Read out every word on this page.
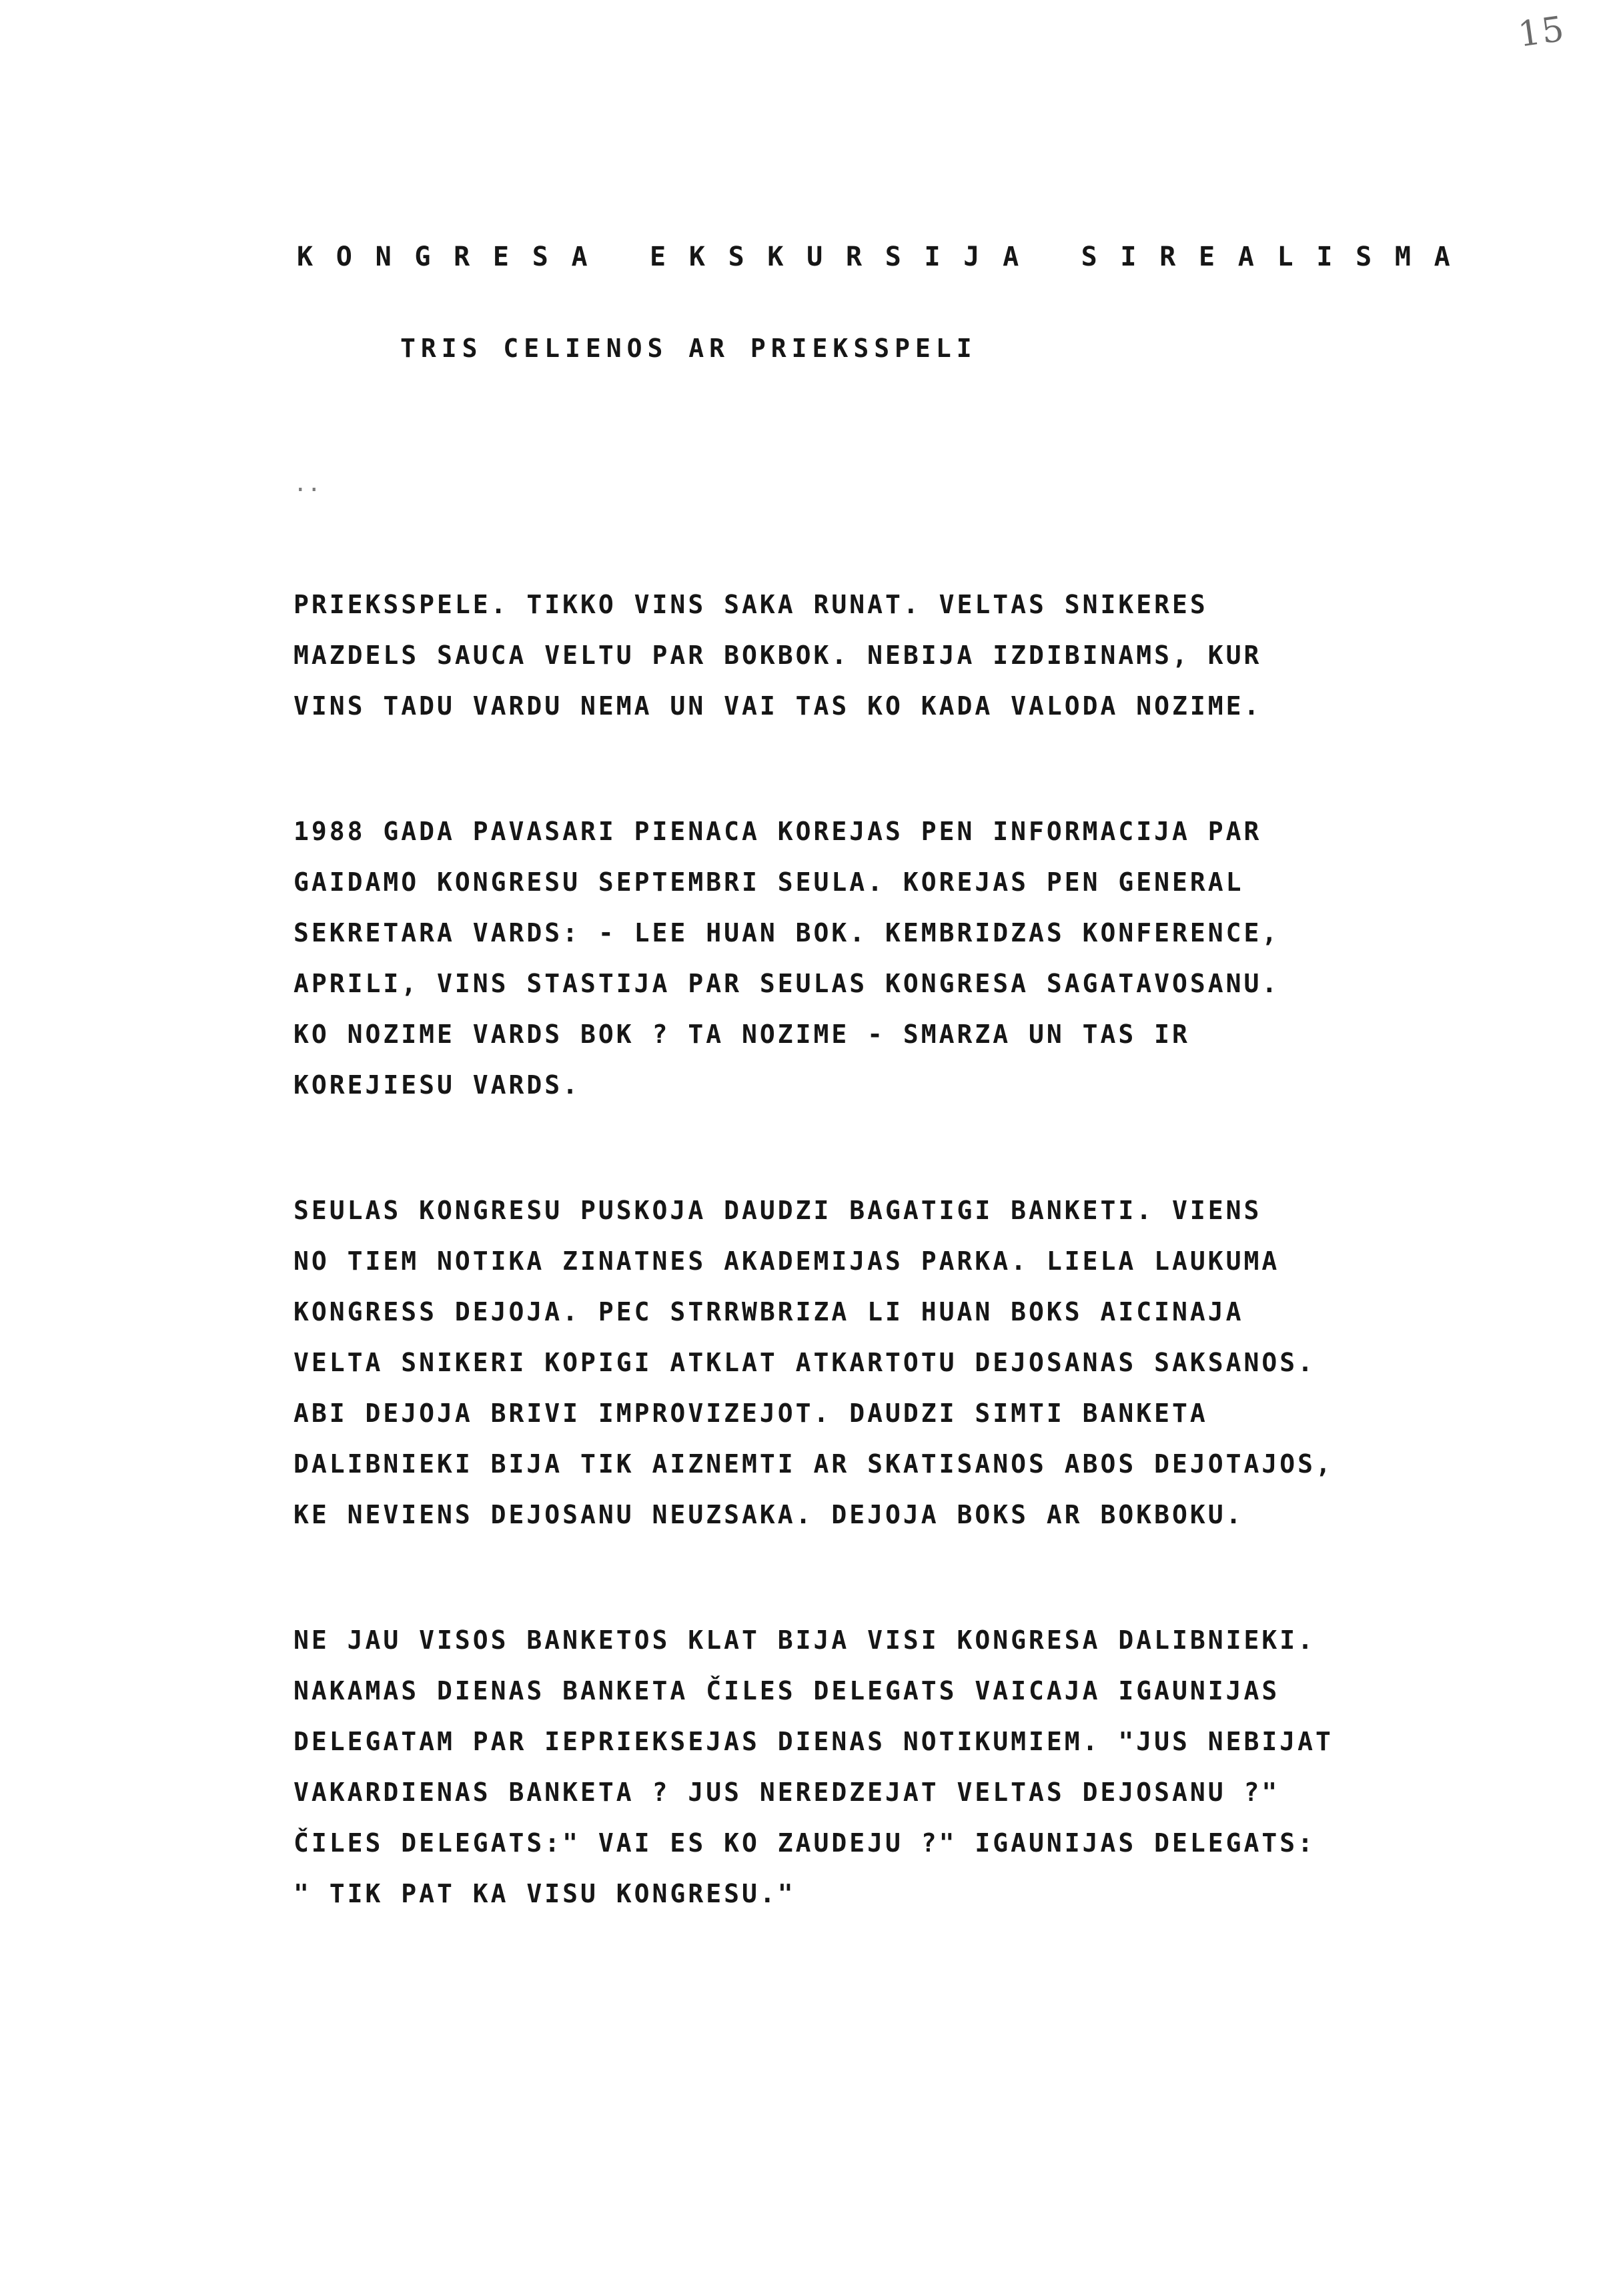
15
KONGRESA EKSKURSIJA SIREALISMA
TRIS CELIENOS AR PRIEKSSPELI
..
PRIEKSSPELE. TIKKO VINS SAKA RUNAT. VELTAS SNIKERES
MAZDELS SAUCA VELTU PAR BOKBOK. NEBIJA IZDIBINAMS, KUR
VINS TADU VARDU NEMA UN VAI TAS KO KADA VALODA NOZIME.
1988 GADA PAVASARI PIENACA KOREJAS PEN INFORMACIJA PAR
GAIDAMO KONGRESU SEPTEMBRI SEULA. KOREJAS PEN GENERAL
SEKRETARA VARDS: - LEE HUAN BOK. KEMBRIDZAS KONFERENCE,
APRILI, VINS STASTIJA PAR SEULAS KONGRESA SAGATAVOSANU.
KO NOZIME VARDS BOK ? TA NOZIME - SMARZA UN TAS IR
KOREJIESU VARDS.
SEULAS KONGRESU PUSKOJA DAUDZI BAGATIGI BANKETI. VIENS
NO TIEM NOTIKA ZINATNES AKADEMIJAS PARKA. LIELA LAUKUMA
KONGRESS DEJOJA. PEC STRRWBRIZA LI HUAN BOKS AICINAJA
VELTA SNIKERI KOPIGI ATKLAT ATKARTOTU DEJOSANAS SAKSANOS.
ABI DEJOJA BRIVI IMPROVIZEJOT. DAUDZI SIMTI BANKETA
DALIBNIEKI BIJA TIK AIZNEMTI AR SKATISANOS ABOS DEJOTAJOS,
KE NEVIENS DEJOSANU NEUZSAKA. DEJOJA BOKS AR BOKBOKU.
NE JAU VISOS BANKETOS KLAT BIJA VISI KONGRESA DALIBNIEKI.
NAKAMAS DIENAS BANKETA ČILES DELEGATS VAICAJA IGAUNIJAS
DELEGATAM PAR IEPRIEKSEJAS DIENAS NOTIKUMIEM. "JUS NEBIJAT
VAKARDIENAS BANKETA ? JUS NEREDZEJAT VELTAS DEJOSANU ?"
ČILES DELEGATS:" VAI ES KO ZAUDEJU ?" IGAUNIJAS DELEGATS:
" TIK PAT KA VISU KONGRESU."
